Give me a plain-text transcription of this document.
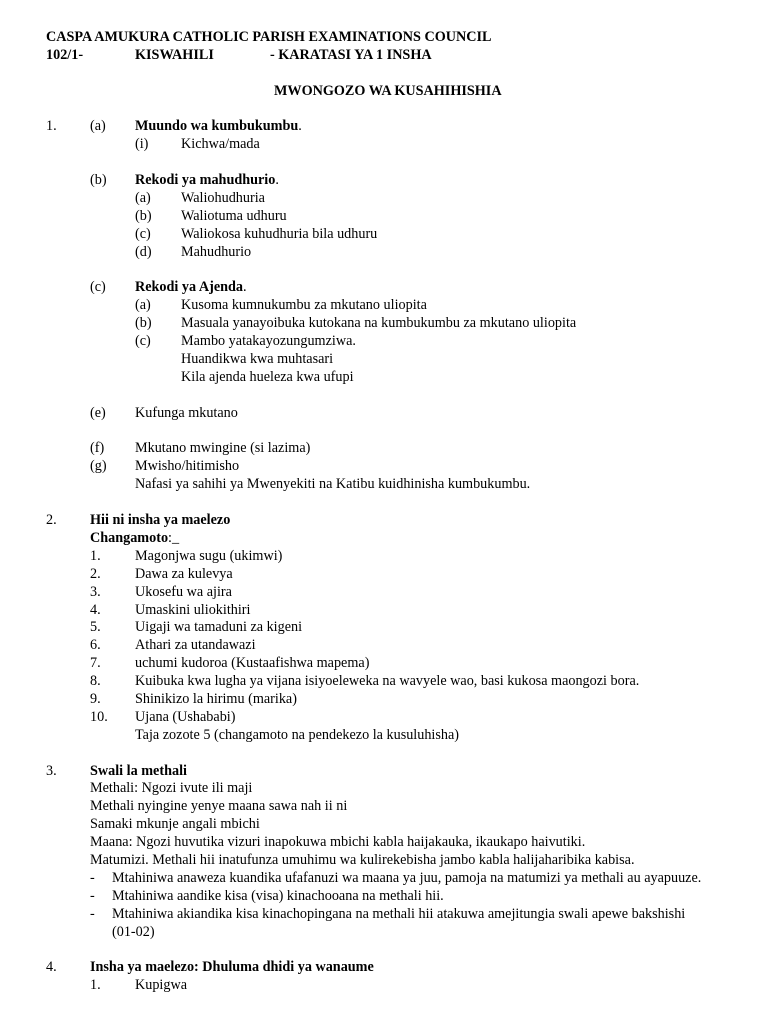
CASPA AMUKURA CATHOLIC PARISH EXAMINATIONS COUNCIL
102/1-	KISWAHILI	- KARATASI YA 1 INSHA
MWONGOZO WA KUSAHIHISHIA
1. (a) Muundo wa kumbukumbu.
(i) Kichwa/mada
(b) Rekodi ya mahudhurio.
(a) Waliohudhuria
(b) Waliotuma udhuru
(c) Waliokosa kuhudhuria bila udhuru
(d) Mahudhurio
(c) Rekodi ya Ajenda.
(a) Kusoma kumnukumbu za mkutano uliopita
(b) Masuala yanayoibuka kutokana na kumbukumbu za mkutano uliopita
(c) Mambo yatakayozungumziwa.
Huandikwa kwa muhtasari
Kila ajenda hueleza kwa ufupi
(e) Kufunga mkutano
(f) Mkutano mwingine (si lazima)
(g) Mwisho/hitimisho
Nafasi ya sahihi ya Mwenyekiti na Katibu kuidhinisha kumbukumbu.
2. Hii ni insha ya maelezo
Changamoto:_
1. Magonjwa sugu (ukimwi)
2. Dawa za kulevya
3. Ukosefu wa ajira
4. Umaskini uliokithiri
5. Uigaji wa tamaduni za kigeni
6. Athari za utandawazi
7. uchumi kudoroa (Kustaafishwa mapema)
8. Kuibuka kwa lugha ya vijana isiyoeleweka na wavyele wao, basi kukosa maongozi bora.
9. Shinikizo la hirimu (marika)
10. Ujana (Ushababi)
Taja zozote 5 (changamoto na pendekezo la kusuluhisha)
3. Swali la methali
Methali: Ngozi ivute ili maji
Methali nyingine yenye maana sawa nah ii ni
Samaki mkunje angali mbichi
Maana: Ngozi huvutika vizuri inapokuwa mbichi kabla haijakauka, ikaukapo haivutiki.
Matumizi. Methali hii inatufunza umuhimu wa kulirekebisha jambo kabla halijaharibika kabisa.
- Mtahiniwa anaweza kuandika ufafanuzi wa maana ya juu, pamoja na matumizi ya methali au ayapuuze.
- Mtahiniwa aandike kisa (visa) kinachooana na methali hii.
- Mtahiniwa akiandika kisa kinachopingana na methali hii atakuwa amejitungia swali apewe bakshishi
(01-02)
4. Insha ya maelezo: Dhuluma dhidi ya wanaume
1. Kupigwa
